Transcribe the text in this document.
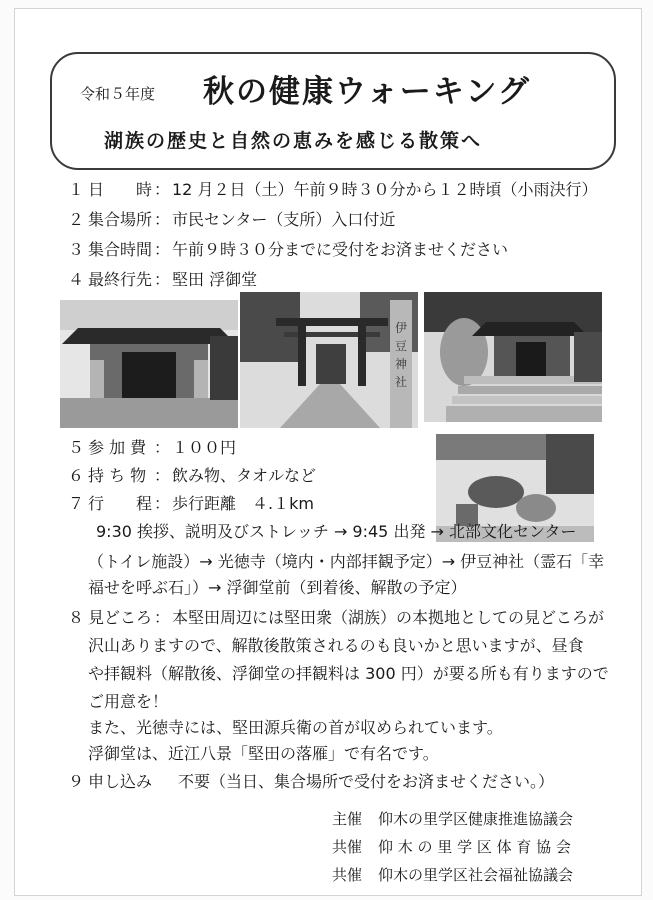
令和５年度 秋の健康ウォーキング
湖族の歴史と自然の恵みを感じる散策へ
１ 日　　時 ： 12 月２日（土）午前９時３０分から１２時頃（小雨決行）
２ 集合場所 ： 市民センター（支所）入口付近
３ 集合時間 ： 午前９時３０分までに受付をお済ませください
４ 最終行先 ： 堅田 浮御堂
伊
豆
神
社
５ 参 加 費 ： １００円
６ 持 ち 物 ： 飲み物、タオルなど
７ 行　　程 ： 歩行距離　４.１km
9:30 挨拶、説明及びストレッチ → 9:45 出発 → 北部文化センター
（トイレ施設）→ 光徳寺（境内・内部拝観予定）→ 伊豆神社（霊石「幸
福せを呼ぶ石」）→ 浮御堂前（到着後、解散の予定）
８ 見どころ ： 本堅田周辺には堅田衆（湖族）の本拠地としての見どころが
沢山ありますので、解散後散策されるのも良いかと思いますが、昼食
や拝観料（解散後、浮御堂の拝観料は 300 円）が要る所も有りますので
ご用意を！
また、光徳寺には、堅田源兵衛の首が収められています。
浮御堂は、近江八景「堅田の落雁」で有名です。
９ 申し込み 不要（当日、集合場所で受付をお済ませください。）
主催 仰木の里学区健康推進協議会
共催 仰 木 の 里 学 区 体 育 協 会
共催 仰木の里学区社会福祉協議会
